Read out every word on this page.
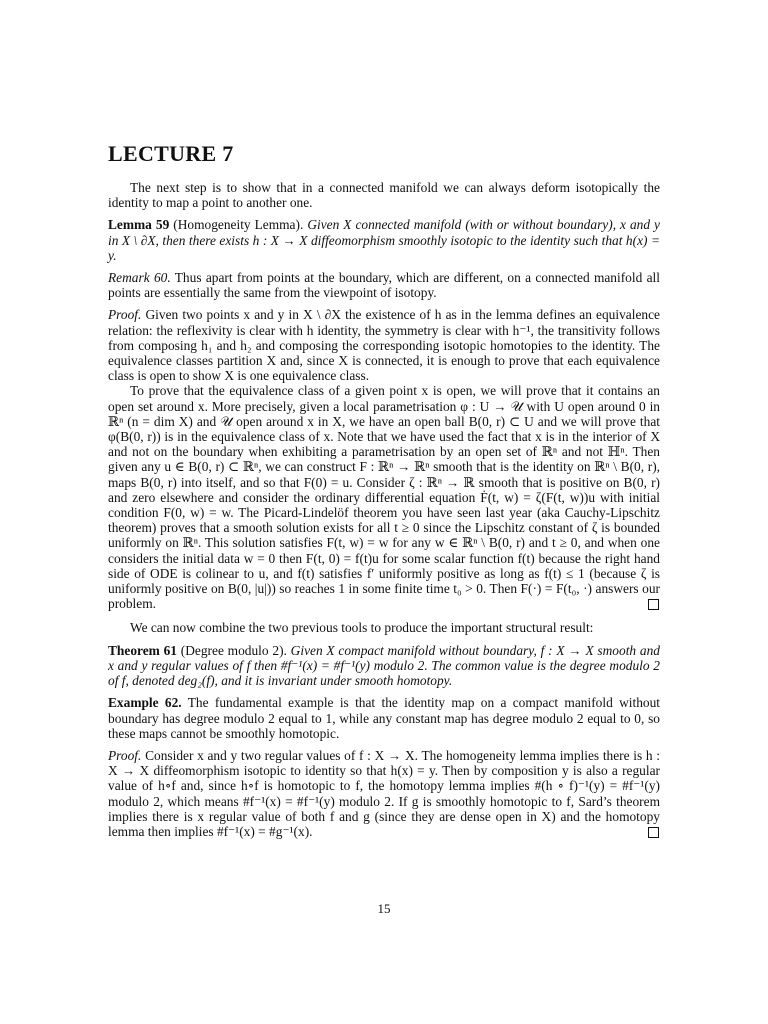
LECTURE 7

The next step is to show that in a connected manifold we can always deform isotopically the identity to map a point to another one.

Lemma 59 (Homogeneity Lemma). Given X connected manifold (with or without boundary), x and y in X \ ∂X, then there exists h : X → X diffeomorphism smoothly isotopic to the identity such that h(x) = y.

Remark 60. Thus apart from points at the boundary, which are different, on a connected manifold all points are essentially the same from the viewpoint of isotopy.

Proof. Given two points x and y in X \ ∂X the existence of h as in the lemma defines an equivalence relation: the reflexivity is clear with h identity, the symmetry is clear with h⁻¹, the transitivity follows from composing h₁ and h₂ and composing the corresponding isotopic homotopies to the identity. The equivalence classes partition X and, since X is connected, it is enough to prove that each equivalence class is open to show X is one equivalence class.

To prove that the equivalence class of a given point x is open, we will prove that it contains an open set around x. More precisely, given a local parametrisation φ : U → 𝒰 with U open around 0 in ℝⁿ (n = dim X) and 𝒰 open around x in X, we have an open ball B(0, r) ⊂ U and we will prove that φ(B(0, r)) is in the equivalence class of x. Note that we have used the fact that x is in the interior of X and not on the boundary when exhibiting a parametrisation by an open set of ℝⁿ and not ℍⁿ. Then given any u ∈ B(0, r) ⊂ ℝⁿ, we can construct F : ℝⁿ → ℝⁿ smooth that is the identity on ℝⁿ \ B(0, r), maps B(0, r) into itself, and so that F(0) = u. Consider ζ : ℝⁿ → ℝ smooth that is positive on B(0, r) and zero elsewhere and consider the ordinary differential equation Ḟ(t, w) = ζ(F(t, w))u with initial condition F(0, w) = w. The Picard-Lindelöf theorem you have seen last year (aka Cauchy-Lipschitz theorem) proves that a smooth solution exists for all t ≥ 0 since the Lipschitz constant of ζ is bounded uniformly on ℝⁿ. This solution satisfies F(t, w) = w for any w ∈ ℝⁿ \ B(0, r) and t ≥ 0, and when one considers the initial data w = 0 then F(t, 0) = f(t)u for some scalar function f(t) because the right hand side of ODE is colinear to u, and f(t) satisfies f′ uniformly positive as long as f(t) ≤ 1 (because ζ is uniformly positive on B(0, |u|)) so reaches 1 in some finite time t₀ > 0. Then F(·) = F(t₀, ·) answers our problem.

We can now combine the two previous tools to produce the important structural result:

Theorem 61 (Degree modulo 2). Given X compact manifold without boundary, f : X → X smooth and x and y regular values of f then #f⁻¹(x) = #f⁻¹(y) modulo 2. The common value is the degree modulo 2 of f, denoted deg₂(f), and it is invariant under smooth homotopy.

Example 62. The fundamental example is that the identity map on a compact manifold without boundary has degree modulo 2 equal to 1, while any constant map has degree modulo 2 equal to 0, so these maps cannot be smoothly homotopic.

Proof. Consider x and y two regular values of f : X → X. The homogeneity lemma implies there is h : X → X diffeomorphism isotopic to identity so that h(x) = y. Then by composition y is also a regular value of h∘f and, since h∘f is homotopic to f, the homotopy lemma implies #(h ∘ f)⁻¹(y) = #f⁻¹(y) modulo 2, which means #f⁻¹(x) = #f⁻¹(y) modulo 2. If g is smoothly homotopic to f, Sard’s theorem implies there is x regular value of both f and g (since they are dense open in X) and the homotopy lemma then implies #f⁻¹(x) = #g⁻¹(x).

15
